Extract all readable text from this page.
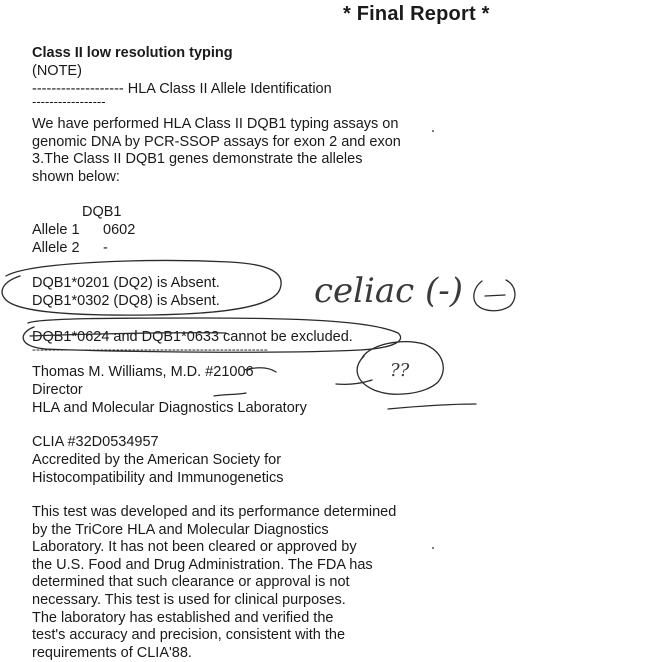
* Final Report *
Class II low resolution typing
(NOTE)
------------------- HLA Class II Allele Identification
-----------------
We have performed HLA Class II DQB1 typing assays on
genomic DNA by PCR-SSOP assays for exon 2 and exon
3.The Class II DQB1 genes demonstrate the alleles
shown below:
DQB1
Allele 1 0602
Allele 2 -
DQB1*0201 (DQ2) is Absent.
DQB1*0302 (DQ8) is Absent.
DQB1*0624 and DQB1*0633 cannot be excluded.
-----------------------------------------------------------
Thomas M. Williams, M.D. #21006
Director
HLA and Molecular Diagnostics Laboratory
CLIA #32D0534957
Accredited by the American Society for
Histocompatibility and Immunogenetics
This test was developed and its performance determined
by the TriCore HLA and Molecular Diagnostics
Laboratory. It has not been cleared or approved by
the U.S. Food and Drug Administration. The FDA has
determined that such clearance or approval is not
necessary. This test is used for clinical purposes.
The laboratory has established and verified the
test's accuracy and precision, consistent with the
requirements of CLIA'88.
celiac (-)
??
